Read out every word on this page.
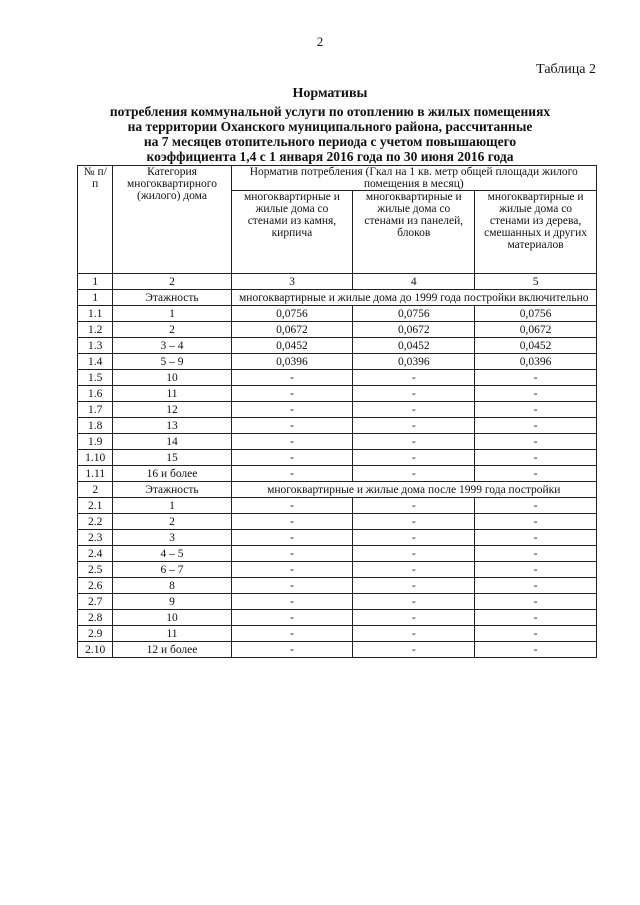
2
Таблица 2
Нормативы
потребления коммунальной услуги по отоплению в жилых помещениях
на территории Оханского муниципального района, рассчитанные
на 7 месяцев отопительного периода с учетом повышающего
коэффициента 1,4 с 1 января 2016 года по 30 июня 2016 года
№ п/п	Категория многоквартирного (жилого) дома	Норматив потребления (Гкал на 1 кв. метр общей площади жилого помещения в месяц)		
		многоквартирные и жилые дома со стенами из камня, кирпича	многоквартирные и жилые дома со стенами из панелей, блоков	многоквартирные и жилые дома со стенами из дерева, смешанных и других материалов
1	2	3	4	5
1	Этажность	многоквартирные и жилые дома до 1999 года постройки включительно		
1.1	1	0,0756	0,0756	0,0756
1.2	2	0,0672	0,0672	0,0672
1.3	3 – 4	0,0452	0,0452	0,0452
1.4	5 – 9	0,0396	0,0396	0,0396
1.5	10	-	-	-
1.6	11	-	-	-
1.7	12	-	-	-
1.8	13	-	-	-
1.9	14	-	-	-
1.10	15	-	-	-
1.11	16 и более	-	-	-
2	Этажность	многоквартирные и жилые дома после 1999 года постройки		
2.1	1	-	-	-
2.2	2	-	-	-
2.3	3	-	-	-
2.4	4 – 5	-	-	-
2.5	6 – 7	-	-	-
2.6	8	-	-	-
2.7	9	-	-	-
2.8	10	-	-	-
2.9	11	-	-	-
2.10	12 и более	-	-	-
